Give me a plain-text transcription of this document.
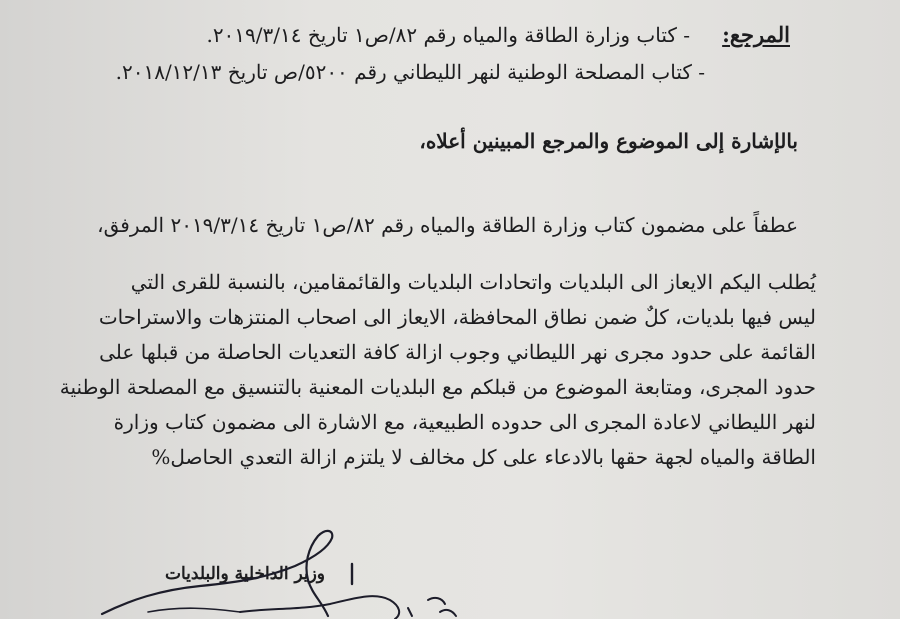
المرجع:
- كتاب وزارة الطاقة والمياه رقم ٨٢/ص١ تاريخ ٢٠١٩/٣/١٤.
- كتاب المصلحة الوطنية لنهر الليطاني رقم ٥٢٠٠/ص تاريخ ٢٠١٨/١٢/١٣.
بالإشارة إلى الموضوع والمرجع المبينين أعلاه،
عطفاً على مضمون كتاب وزارة الطاقة والمياه رقم ٨٢/ص١ تاريخ ٢٠١٩/٣/١٤ المرفق،
يُطلب اليكم الايعاز الى البلديات واتحادات البلديات والقائمقامين، بالنسبة للقرى التي
ليس فيها بلديات، كلٌ ضمن نطاق المحافظة، الايعاز الى اصحاب المنتزهات والاستراحات
القائمة على حدود مجرى نهر الليطاني وجوب ازالة كافة التعديات الحاصلة من قبلها على
حدود المجرى، ومتابعة الموضوع من قبلكم مع البلديات المعنية بالتنسيق مع المصلحة الوطنية
لنهر الليطاني لاعادة المجرى الى حدوده الطبيعية، مع الاشارة الى مضمون كتاب وزارة
الطاقة والمياه لجهة حقها بالادعاء على كل مخالف لا يلتزم ازالة التعدي الحاصل%
وزير الداخلية والبلديات
